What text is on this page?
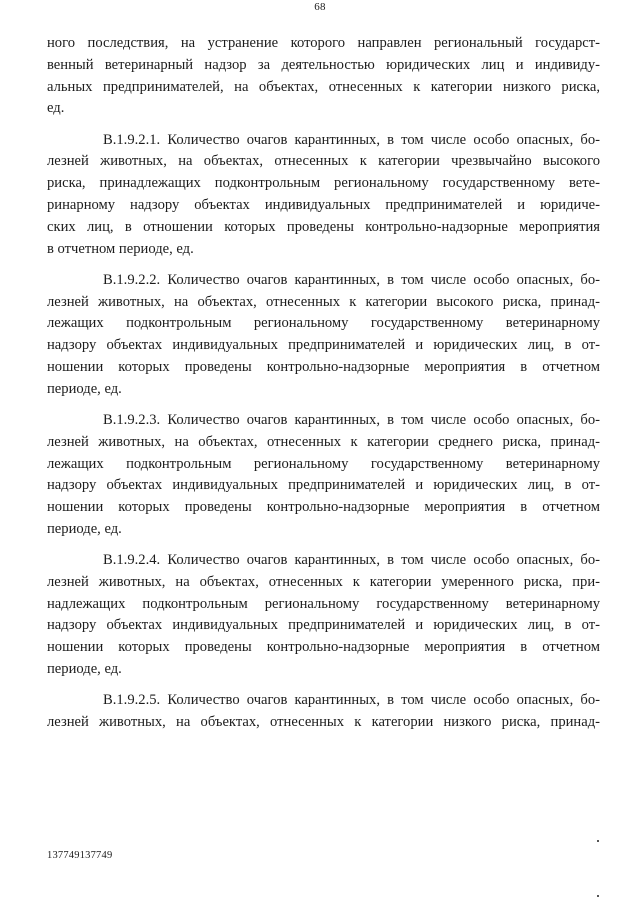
68
ного последствия, на устранение которого направлен региональный государст-
венный ветеринарный надзор за деятельностью юридических лиц и индивиду-
альных предпринимателей, на объектах, отнесенных к категории низкого риска,
ед.
В.1.9.2.1. Количество очагов карантинных, в том числе особо опасных, бо-
лезней животных, на объектах, отнесенных к категории чрезвычайно высокого
риска, принадлежащих подконтрольным региональному государственному вете-
ринарному надзору объектах индивидуальных предпринимателей и юридиче-
ских лиц, в отношении которых проведены контрольно-надзорные мероприятия
в отчетном периоде, ед.
В.1.9.2.2. Количество очагов карантинных, в том числе особо опасных, бо-
лезней животных, на объектах, отнесенных к категории высокого риска, принад-
лежащих подконтрольным региональному государственному ветеринарному
надзору объектах индивидуальных предпринимателей и юридических лиц, в от-
ношении которых проведены контрольно-надзорные мероприятия в отчетном
периоде, ед.
В.1.9.2.3. Количество очагов карантинных, в том числе особо опасных, бо-
лезней животных, на объектах, отнесенных к категории среднего риска, принад-
лежащих подконтрольным региональному государственному ветеринарному
надзору объектах индивидуальных предпринимателей и юридических лиц, в от-
ношении которых проведены контрольно-надзорные мероприятия в отчетном
периоде, ед.
В.1.9.2.4. Количество очагов карантинных, в том числе особо опасных, бо-
лезней животных, на объектах, отнесенных к категории умеренного риска, при-
надлежащих подконтрольным региональному государственному ветеринарному
надзору объектах индивидуальных предпринимателей и юридических лиц, в от-
ношении которых проведены контрольно-надзорные мероприятия в отчетном
периоде, ед.
В.1.9.2.5. Количество очагов карантинных, в том числе особо опасных, бо-
лезней животных, на объектах, отнесенных к категории низкого риска, принад-
137749137749
